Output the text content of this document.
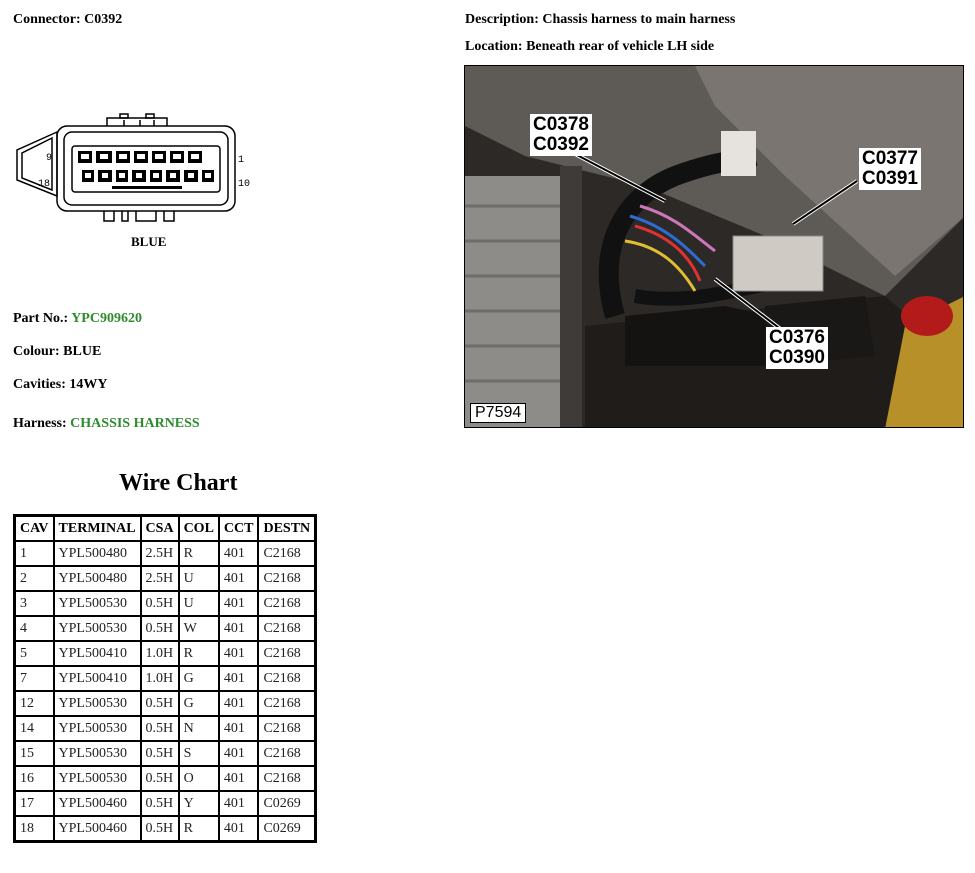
Connector: C0392	Description: Chassis harness to main harness
Location: Beneath rear of vehicle LH side
9	1
18	10
BLUE
Part No.: YPC909620
Colour: BLUE
Cavities: 14WY
Harness: CHASSIS HARNESS
C0378
C0392
C0377
C0391
C0376
C0390
P7594
Wire Chart
CAV	TERMINAL	CSA	COL	CCT	DESTN
1	YPL500480	2.5H	R	401	C2168
2	YPL500480	2.5H	U	401	C2168
3	YPL500530	0.5H	U	401	C2168
4	YPL500530	0.5H	W	401	C2168
5	YPL500410	1.0H	R	401	C2168
7	YPL500410	1.0H	G	401	C2168
12	YPL500530	0.5H	G	401	C2168
14	YPL500530	0.5H	N	401	C2168
15	YPL500530	0.5H	S	401	C2168
16	YPL500530	0.5H	O	401	C2168
17	YPL500460	0.5H	Y	401	C0269
18	YPL500460	0.5H	R	401	C0269
